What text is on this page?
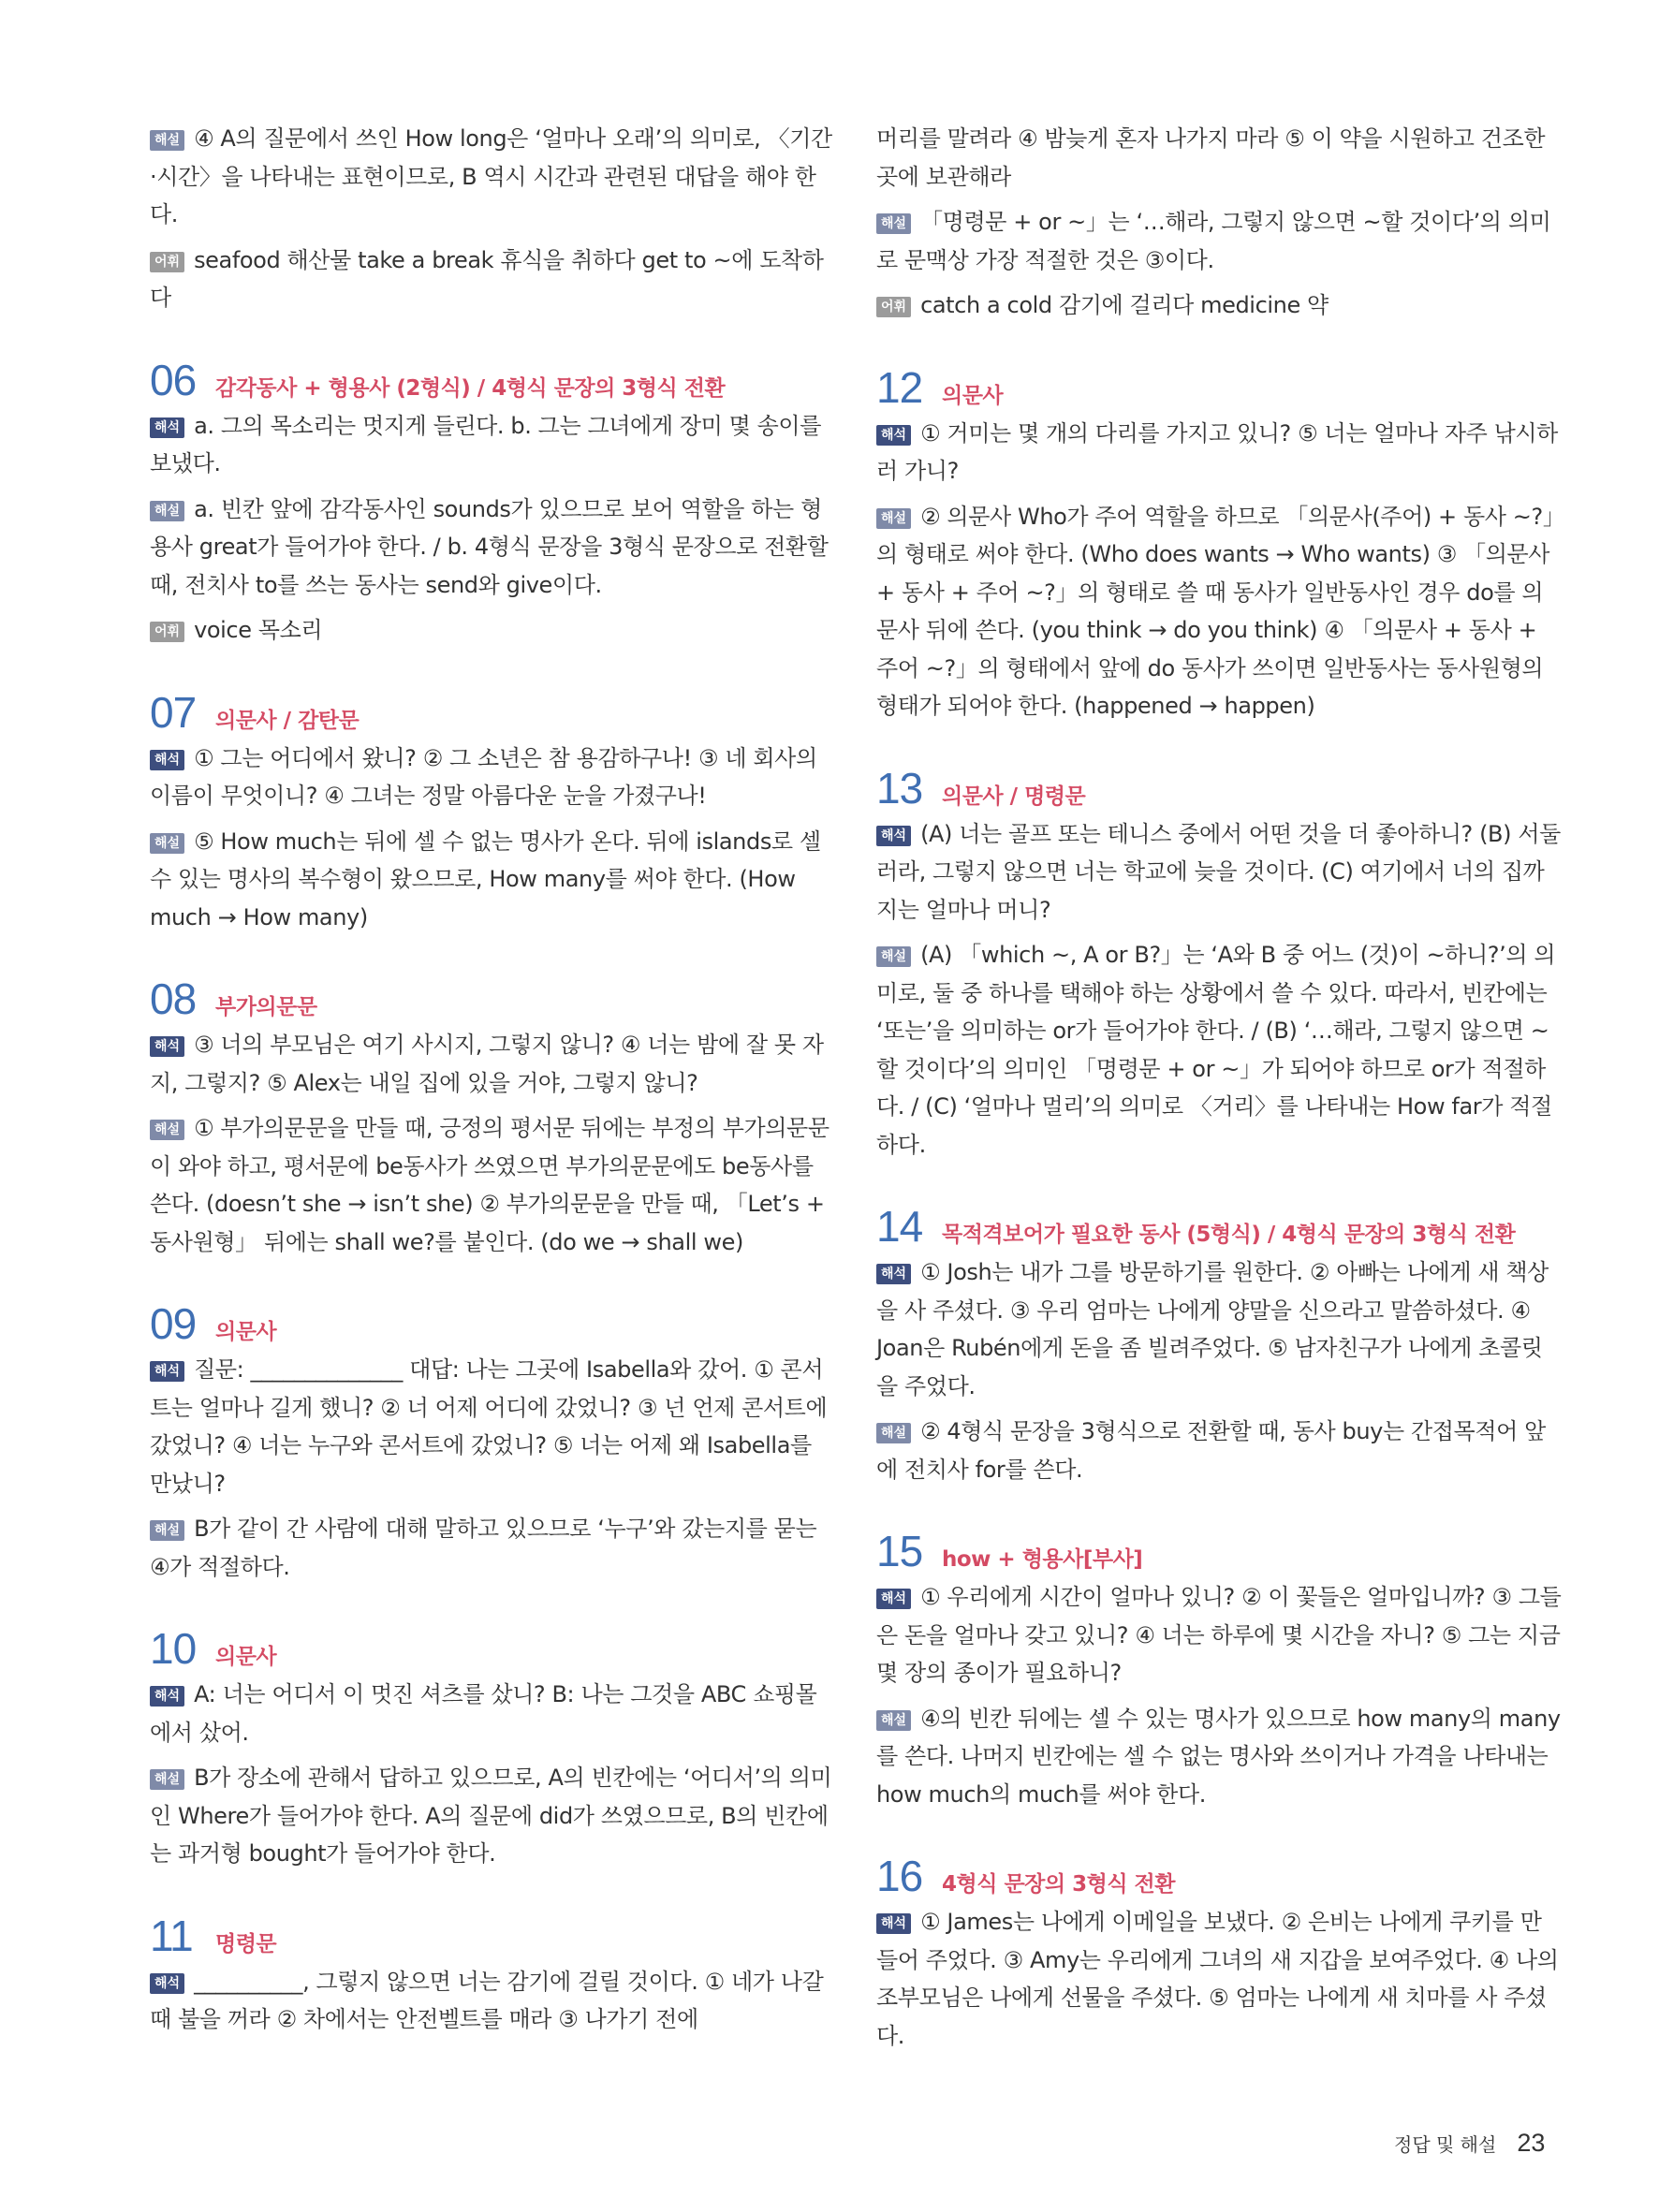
해설 ④ A의 질문에서 쓰인 How long은 ‘얼마나 오래’의 의미로, 〈기간·시간〉을 나타내는 표현이므로, B 역시 시간과 관련된 대답을 해야 한다.

어휘 seafood 해산물 take a break 휴식을 취하다 get to ~에 도착하다

06 감각동사 + 형용사 (2형식) / 4형식 문장의 3형식 전환

해석 a. 그의 목소리는 멋지게 들린다. b. 그는 그녀에게 장미 몇 송이를 보냈다.

해설 a. 빈칸 앞에 감각동사인 sounds가 있으므로 보어 역할을 하는 형용사 great가 들어가야 한다. / b. 4형식 문장을 3형식 문장으로 전환할 때, 전치사 to를 쓰는 동사는 send와 give이다.

어휘 voice 목소리

07 의문사 / 감탄문

해석 ① 그는 어디에서 왔니? ② 그 소년은 참 용감하구나! ③ 네 회사의 이름이 무엇이니? ④ 그녀는 정말 아름다운 눈을 가졌구나!

해설 ⑤ How much는 뒤에 셀 수 없는 명사가 온다. 뒤에 islands로 셀 수 있는 명사의 복수형이 왔으므로, How many를 써야 한다. (How much → How many)

08 부가의문문

해석 ③ 너의 부모님은 여기 사시지, 그렇지 않니? ④ 너는 밤에 잘 못 자지, 그렇지? ⑤ Alex는 내일 집에 있을 거야, 그렇지 않니?

해설 ① 부가의문문을 만들 때, 긍정의 평서문 뒤에는 부정의 부가의문문이 와야 하고, 평서문에 be동사가 쓰였으면 부가의문문에도 be동사를 쓴다. (doesn’t she → isn’t she) ② 부가의문문을 만들 때, 「Let’s + 동사원형」 뒤에는 shall we?를 붙인다. (do we → shall we)

09 의문사

해석 질문: ______________ 대답: 나는 그곳에 Isabella와 갔어. ① 콘서트는 얼마나 길게 했니? ② 너 어제 어디에 갔었니? ③ 넌 언제 콘서트에 갔었니? ④ 너는 누구와 콘서트에 갔었니? ⑤ 너는 어제 왜 Isabella를 만났니?

해설 B가 같이 간 사람에 대해 말하고 있으므로 ‘누구’와 갔는지를 묻는 ④가 적절하다.

10 의문사

해석 A: 너는 어디서 이 멋진 셔츠를 샀니? B: 나는 그것을 ABC 쇼핑몰에서 샀어.

해설 B가 장소에 관해서 답하고 있으므로, A의 빈칸에는 ‘어디서’의 의미인 Where가 들어가야 한다. A의 질문에 did가 쓰였으므로, B의 빈칸에는 과거형 bought가 들어가야 한다.

11	명령문

해석 __________, 그렇지 않으면 너는 감기에 걸릴 것이다. ① 네가 나갈 때 불을 꺼라 ② 차에서는 안전벨트를 매라 ③ 나가기 전에

머리를 말려라 ④ 밤늦게 혼자 나가지 마라 ⑤ 이 약을 시원하고 건조한 곳에 보관해라

해설 「명령문 + or ~」는 ‘…해라, 그렇지 않으면 ~할 것이다’의 의미로 문맥상 가장 적절한 것은 ③이다.

어휘 catch a cold 감기에 걸리다 medicine 약

12 의문사

해석 ① 거미는 몇 개의 다리를 가지고 있니? ⑤ 너는 얼마나 자주 낚시하러 가니?

해설 ② 의문사 Who가 주어 역할을 하므로 「의문사(주어) + 동사 ~?」의 형태로 써야 한다. (Who does wants → Who wants) ③ 「의문사 + 동사 + 주어 ~?」의 형태로 쓸 때 동사가 일반동사인 경우 do를 의문사 뒤에 쓴다. (you think → do you think) ④ 「의문사 + 동사 + 주어 ~?」의 형태에서 앞에 do 동사가 쓰이면 일반동사는 동사원형의 형태가 되어야 한다. (happened → happen)

13 의문사 / 명령문

해석 (A) 너는 골프 또는 테니스 중에서 어떤 것을 더 좋아하니? (B) 서둘러라, 그렇지 않으면 너는 학교에 늦을 것이다. (C) 여기에서 너의 집까지는 얼마나 머니?

해설 (A) 「which ~, A or B?」는 ‘A와 B 중 어느 (것)이 ~하니?’의 의미로, 둘 중 하나를 택해야 하는 상황에서 쓸 수 있다. 따라서, 빈칸에는 ‘또는’을 의미하는 or가 들어가야 한다. / (B) ‘…해라, 그렇지 않으면 ~할 것이다’의 의미인 「명령문 + or ~」가 되어야 하므로 or가 적절하다. / (C) ‘얼마나 멀리’의 의미로 〈거리〉를 나타내는 How far가 적절하다.

14 목적격보어가 필요한 동사 (5형식) / 4형식 문장의 3형식 전환

해석 ① Josh는 내가 그를 방문하기를 원한다. ② 아빠는 나에게 새 책상을 사 주셨다. ③ 우리 엄마는 나에게 양말을 신으라고 말씀하셨다. ④ Joan은 Rubén에게 돈을 좀 빌려주었다. ⑤ 남자친구가 나에게 초콜릿을 주었다.

해설 ② 4형식 문장을 3형식으로 전환할 때, 동사 buy는 간접목적어 앞에 전치사 for를 쓴다.

15 how + 형용사[부사]

해석 ① 우리에게 시간이 얼마나 있니? ② 이 꽃들은 얼마입니까? ③ 그들은 돈을 얼마나 갖고 있니? ④ 너는 하루에 몇 시간을 자니? ⑤ 그는 지금 몇 장의 종이가 필요하니?

해설 ④의 빈칸 뒤에는 셀 수 있는 명사가 있으므로 how many의 many를 쓴다. 나머지 빈칸에는 셀 수 없는 명사와 쓰이거나 가격을 나타내는 how much의 much를 써야 한다.

16 4형식 문장의 3형식 전환

해석 ① James는 나에게 이메일을 보냈다. ② 은비는 나에게 쿠키를 만들어 주었다. ③ Amy는 우리에게 그녀의 새 지갑을 보여주었다. ④ 나의 조부모님은 나에게 선물을 주셨다. ⑤ 엄마는 나에게 새 치마를 사 주셨다.

정답 및 해설 23
